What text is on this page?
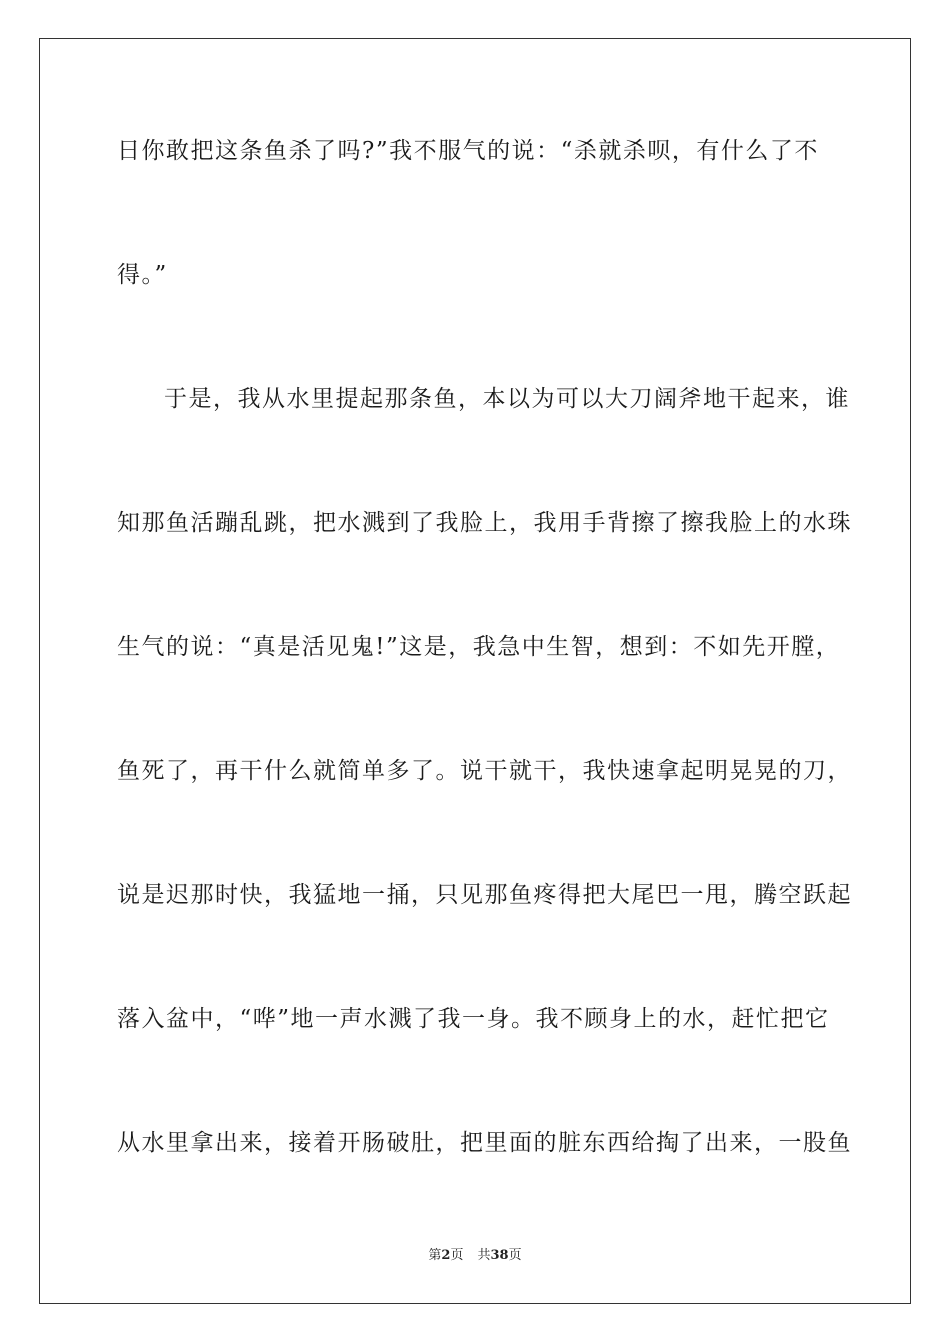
日你敢把这条鱼杀了吗?”我不服气的说：“杀就杀呗，有什么了不
得。”
于是，我从水里提起那条鱼，本以为可以大刀阔斧地干起来，谁
知那鱼活蹦乱跳，把水溅到了我脸上，我用手背擦了擦我脸上的水珠
生气的说：“真是活见鬼!”这是，我急中生智，想到：不如先开膛，
鱼死了，再干什么就简单多了。说干就干，我快速拿起明晃晃的刀，
说是迟那时快，我猛地一捅，只见那鱼疼得把大尾巴一甩，腾空跃起
落入盆中，“哗”地一声水溅了我一身。我不顾身上的水，赶忙把它
从水里拿出来，接着开肠破肚，把里面的脏东西给掏了出来，一股鱼
第2页 共38页
